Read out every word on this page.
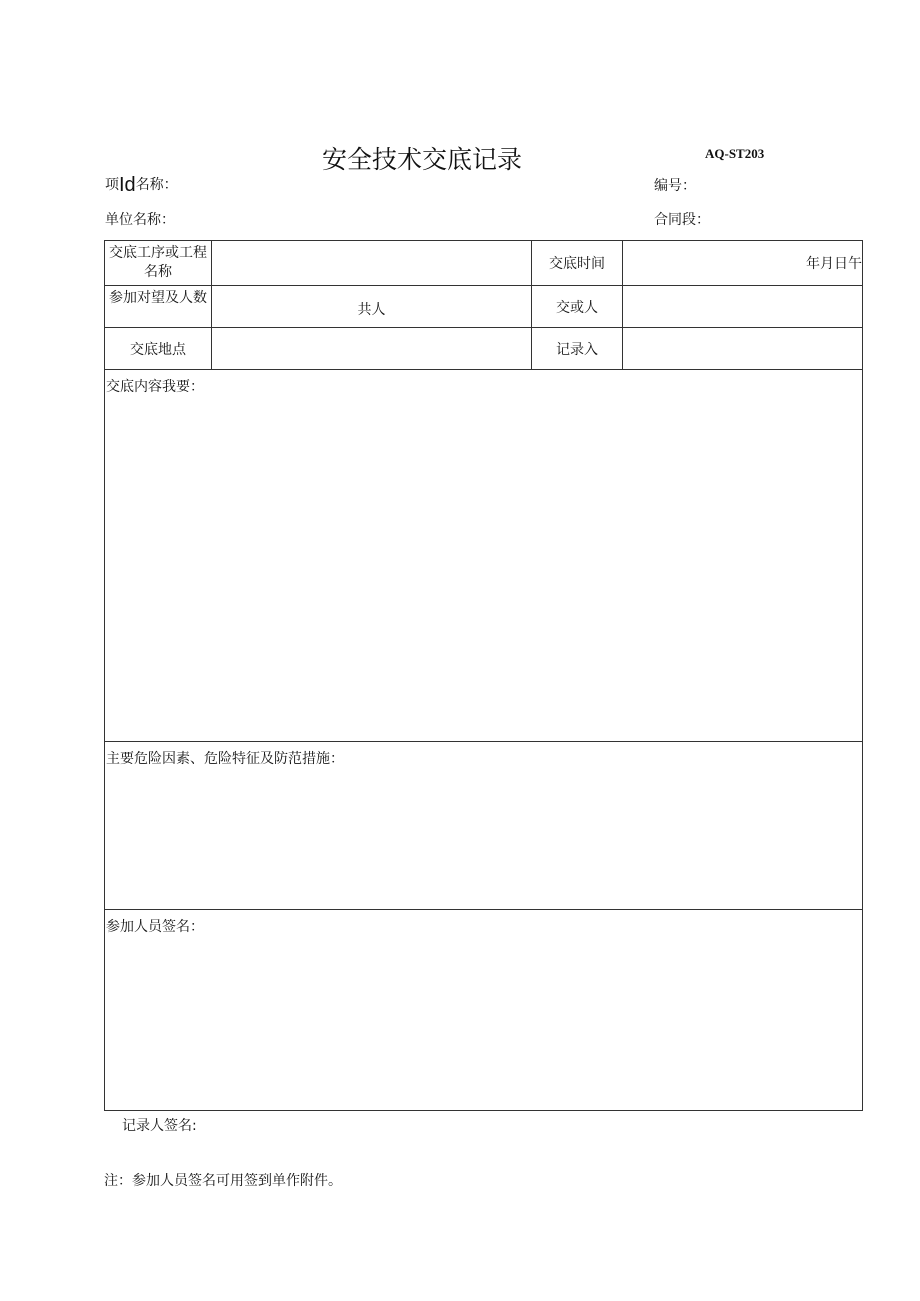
安全技术交底记录	AQ-ST203
项Id名称：	编号：
单位名称：	合同段：
交底工序或工程
名称		交底时间	年月日午
参加对望及人数	共人	交或人	
交底地点		记录入	

交底内容我要：			

主要危险因素、危险特征及防范措施：			

参加人员签名：			
记录人签名:
注：参加人员签名可用签到单作附件。
